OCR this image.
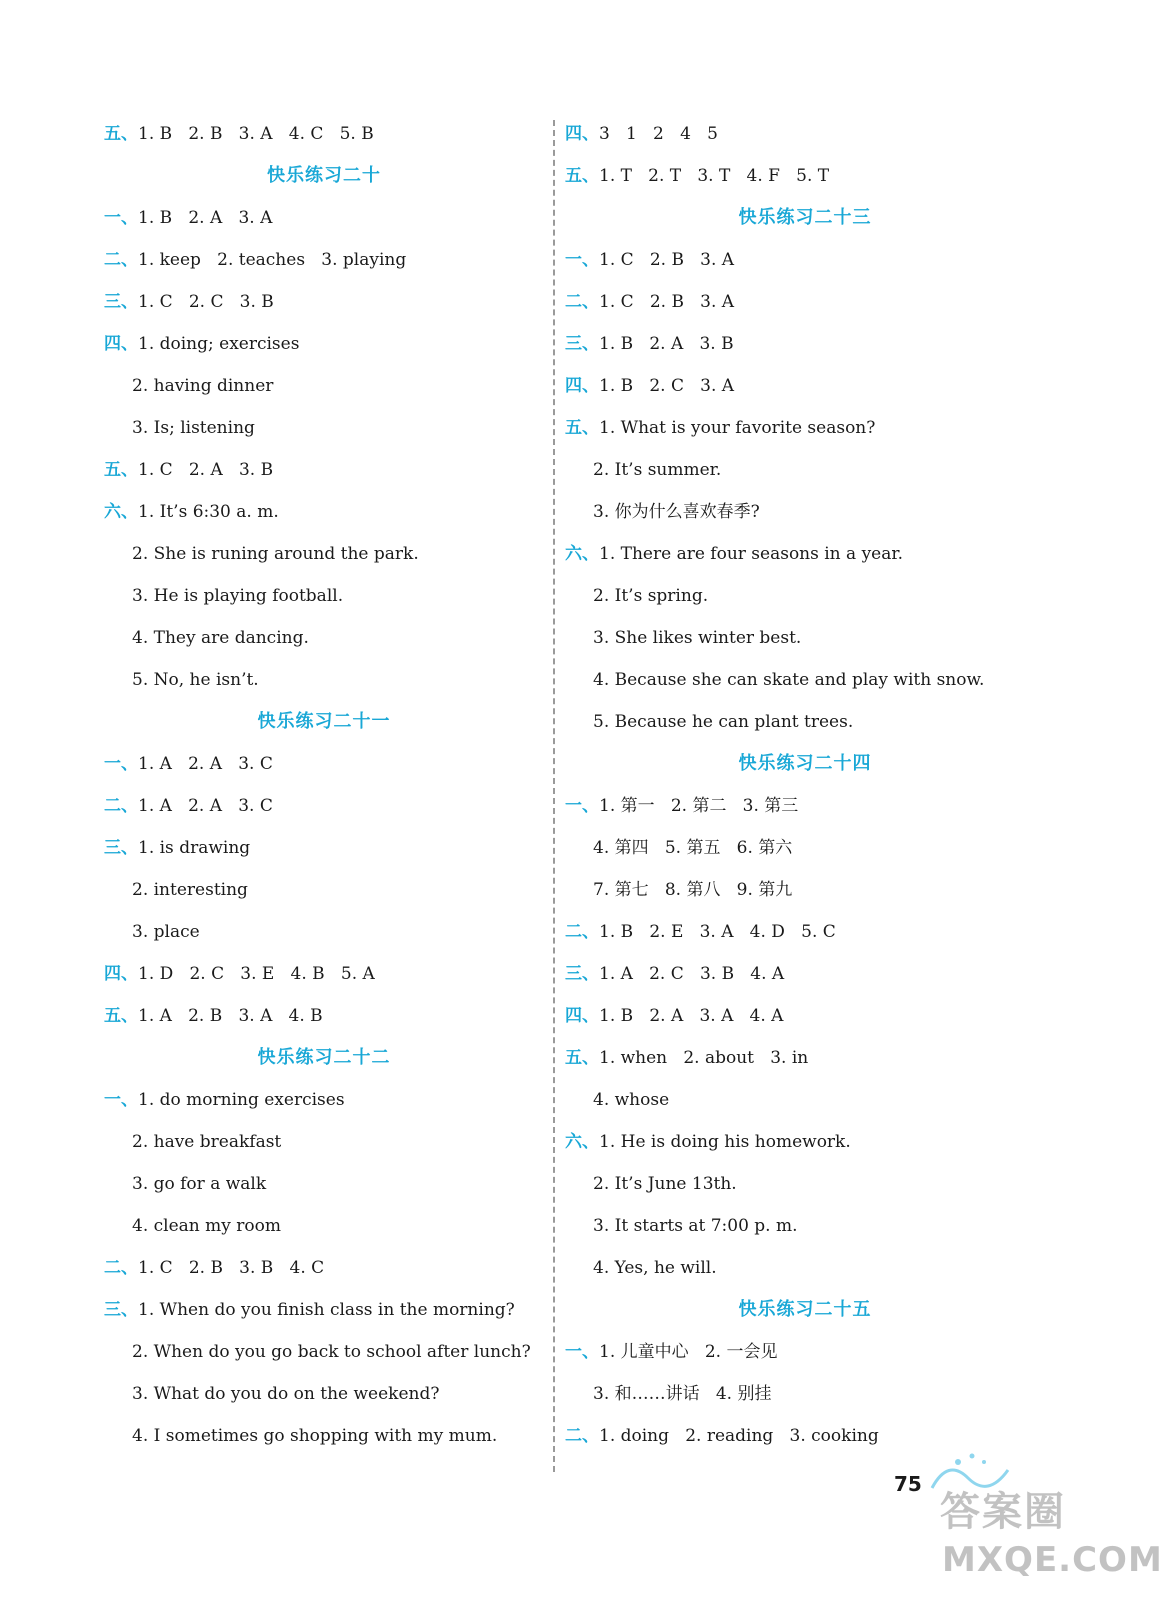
五、1. B   2. B   3. A   4. C   5. B
快乐练习二十
一、1. B   2. A   3. A
二、1. keep   2. teaches   3. playing
三、1. C   2. C   3. B
四、1. doing; exercises
2. having dinner
3. Is; listening
五、1. C   2. A   3. B
六、1. It’s 6:30 a. m.
2. She is runing around the park.
3. He is playing football.
4. They are dancing.
5. No, he isn’t.
快乐练习二十一
一、1. A   2. A   3. C
二、1. A   2. A   3. C
三、1. is drawing
2. interesting
3. place
四、1. D   2. C   3. E   4. B   5. A
五、1. A   2. B   3. A   4. B
快乐练习二十二
一、1. do morning exercises
2. have breakfast
3. go for a walk
4. clean my room
二、1. C   2. B   3. B   4. C
三、1. When do you finish class in the morning?
2. When do you go back to school after lunch?
3. What do you do on the weekend?
4. I sometimes go shopping with my mum.
四、3   1   2   4   5
五、1. T   2. T   3. T   4. F   5. T
快乐练习二十三
一、1. C   2. B   3. A
二、1. C   2. B   3. A
三、1. B   2. A   3. B
四、1. B   2. C   3. A
五、1. What is your favorite season?
2. It’s summer.
3. 你为什么喜欢春季?
六、1. There are four seasons in a year.
2. It’s spring.
3. She likes winter best.
4. Because she can skate and play with snow.
5. Because he can plant trees.
快乐练习二十四
一、1. 第一   2. 第二   3. 第三
4. 第四   5. 第五   6. 第六
7. 第七   8. 第八   9. 第九
二、1. B   2. E   3. A   4. D   5. C
三、1. A   2. C   3. B   4. A
四、1. B   2. A   3. A   4. A
五、1. when   2. about   3. in
4. whose
六、1. He is doing his homework.
2. It’s June 13th.
3. It starts at 7:00 p. m.
4. Yes, he will.
快乐练习二十五
一、1. 儿童中心   2. 一会见
3. 和……讲话   4. 别挂
二、1. doing   2. reading   3. cooking
75
答案圈
MXQE.COM
